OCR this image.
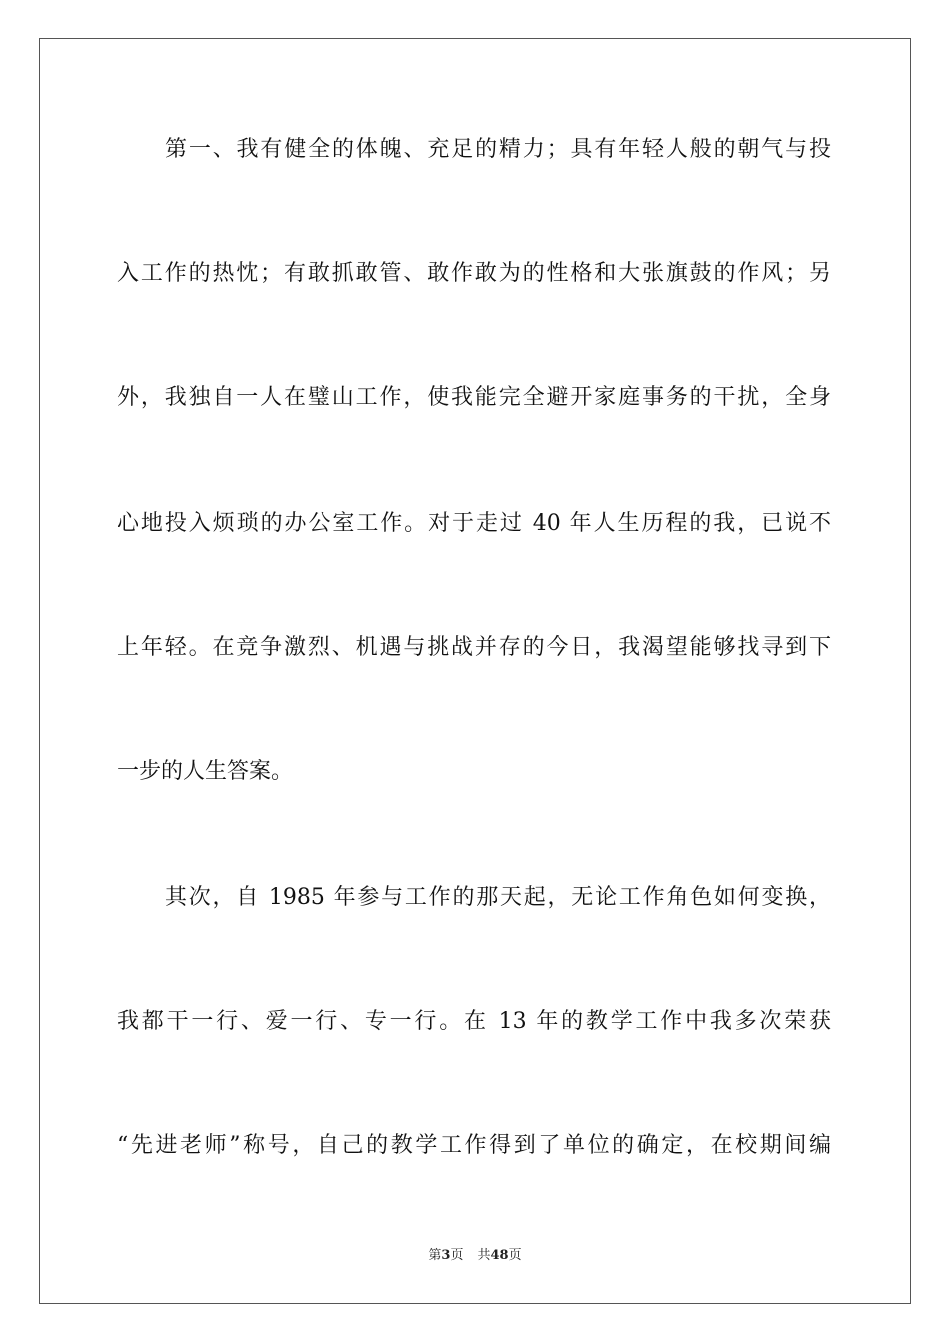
第一、我有健全的体魄、充足的精力；具有年轻人般的朝气与投
入工作的热忱；有敢抓敢管、敢作敢为的性格和大张旗鼓的作风；另
外，我独自一人在璧山工作，使我能完全避开家庭事务的干扰，全身
心地投入烦琐的办公室工作。对于走过 40 年人生历程的我，已说不
上年轻。在竞争激烈、机遇与挑战并存的今日，我渴望能够找寻到下
一步的人生答案。
其次，自 1985 年参与工作的那天起，无论工作角色如何变换，
我都干一行、爱一行、专一行。在 13 年的教学工作中我多次荣获
“先进老师”称号，自己的教学工作得到了单位的确定，在校期间编
第3页 共48页
